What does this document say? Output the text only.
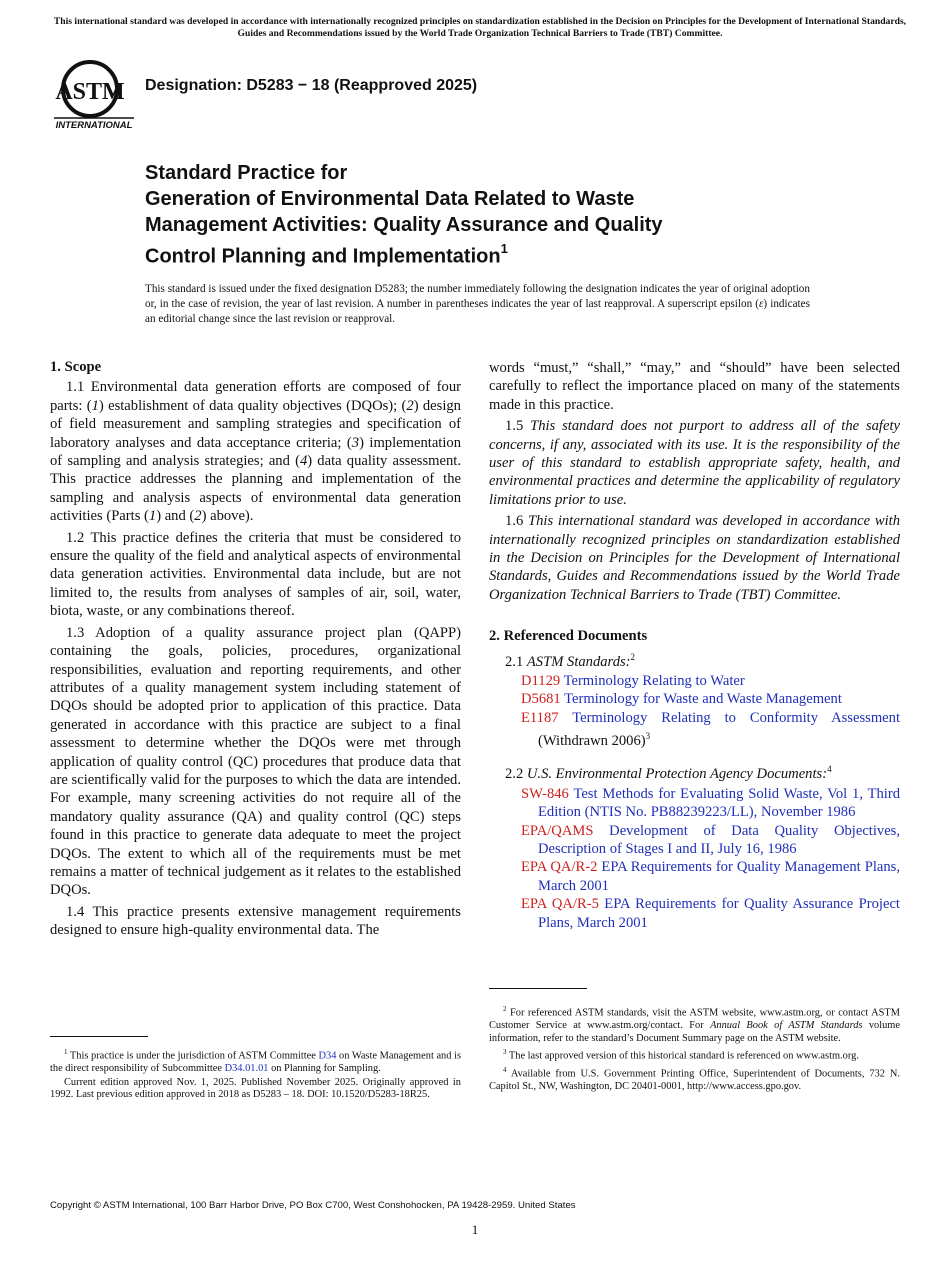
This international standard was developed in accordance with internationally recognized principles on standardization established in the Decision on Principles for the Development of International Standards, Guides and Recommendations issued by the World Trade Organization Technical Barriers to Trade (TBT) Committee.
ASTM
INTERNATIONAL
Designation: D5283 − 18 (Reapproved 2025)
Standard Practice for
Generation of Environmental Data Related to Waste
Management Activities: Quality Assurance and Quality
Control Planning and Implementation$^1$
This standard is issued under the fixed designation D5283; the number immediately following the designation indicates the year of original adoption or, in the case of revision, the year of last revision. A number in parentheses indicates the year of last reapproval. A superscript epsilon (ε) indicates an editorial change since the last revision or reapproval.
1. Scope

1.1 Environmental data generation efforts are composed of four parts: (1) establishment of data quality objectives (DQOs); (2) design of field measurement and sampling strategies and specification of laboratory analyses and data acceptance criteria; (3) implementation of sampling and analysis strategies; and (4) data quality assessment. This practice addresses the planning and implementation of the sampling and analysis aspects of environmental data generation activities (Parts (1) and (2) above).

1.2 This practice defines the criteria that must be considered to ensure the quality of the field and analytical aspects of environmental data generation activities. Environmental data include, but are not limited to, the results from analyses of samples of air, soil, water, biota, waste, or any combinations thereof.

1.3 Adoption of a quality assurance project plan (QAPP) containing the goals, policies, procedures, organizational responsibilities, evaluation and reporting requirements, and other attributes of a quality management system including statement of DQOs should be adopted prior to application of this practice. Data generated in accordance with this practice are subject to a final assessment to determine whether the DQOs were met through application of quality control (QC) procedures that produce data that are scientifically valid for the purposes to which the data are intended. For example, many screening activities do not require all of the mandatory quality assurance (QA) and quality control (QC) steps found in this practice to generate data adequate to meet the project DQOs. The extent to which all of the requirements must be met remains a matter of technical judgement as it relates to the established DQOs.

1.4 This practice presents extensive management requirements designed to ensure high-quality environmental data. The

words “must,” “shall,” “may,” and “should” have been selected carefully to reflect the importance placed on many of the statements made in this practice.

1.5 This standard does not purport to address all of the safety concerns, if any, associated with its use. It is the responsibility of the user of this standard to establish appropriate safety, health, and environmental practices and determine the applicability of regulatory limitations prior to use.

1.6 This international standard was developed in accordance with internationally recognized principles on standardization established in the Decision on Principles for the Development of International Standards, Guides and Recommendations issued by the World Trade Organization Technical Barriers to Trade (TBT) Committee.

2. Referenced Documents
2.1 ASTM Standards:$^2$
D1129 Terminology Relating to Water
D5681 Terminology for Waste and Waste Management
E1187 Terminology Relating to Conformity Assessment (Withdrawn 2006)$^3$
2.2 U.S. Environmental Protection Agency Documents:$^4$
SW-846 Test Methods for Evaluating Solid Waste, Vol 1, Third Edition (NTIS No. PB88239223/LL), November 1986
EPA/QAMS Development of Data Quality Objectives, Description of Stages I and II, July 16, 1986
EPA QA/R-2 EPA Requirements for Quality Management Plans, March 2001
EPA QA/R-5 EPA Requirements for Quality Assurance Project Plans, March 2001

$^1$ This practice is under the jurisdiction of ASTM Committee D34 on Waste Management and is the direct responsibility of Subcommittee D34.01.01 on Planning for Sampling.

Current edition approved Nov. 1, 2025. Published November 2025. Originally approved in 1992. Last previous edition approved in 2018 as D5283 – 18. DOI: 10.1520/D5283-18R25.

$^2$ For referenced ASTM standards, visit the ASTM website, www.astm.org, or contact ASTM Customer Service at www.astm.org/contact. For Annual Book of ASTM Standards volume information, refer to the standard’s Document Summary page on the ASTM website.

$^3$ The last approved version of this historical standard is referenced on www.astm.org.

$^4$ Available from U.S. Government Printing Office, Superintendent of Documents, 732 N. Capitol St., NW, Washington, DC 20401-0001, http://www.access.gpo.gov.

Copyright © ASTM International, 100 Barr Harbor Drive, PO Box C700, West Conshohocken, PA 19428-2959. United States
1
